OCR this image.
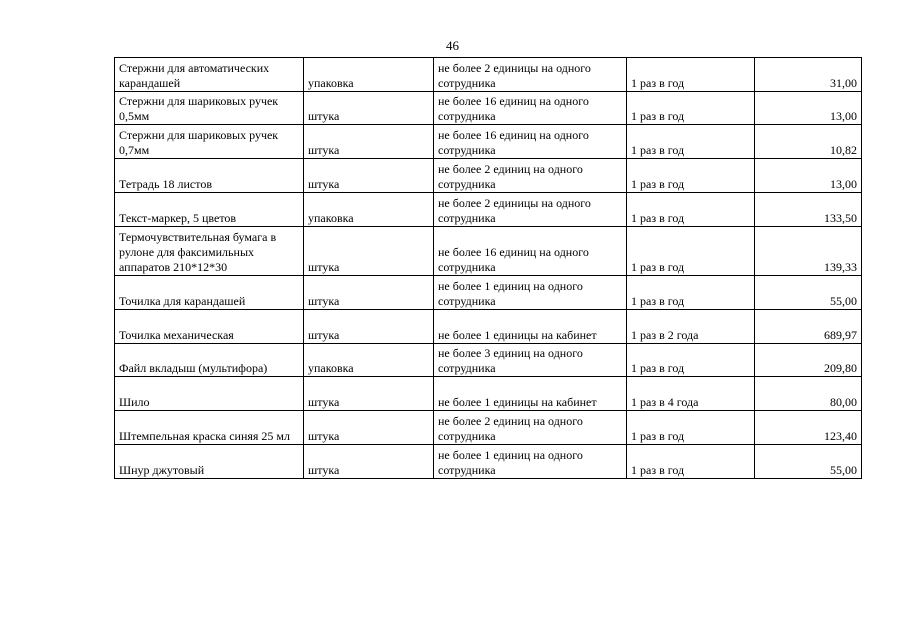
46
Стержни для автоматических карандашей	упаковка	не более 2 единицы на одного сотрудника	1 раз в год	31,00
Стержни для шариковых ручек 0,5мм	штука	не более 16 единиц на одного сотрудника	1 раз в год	13,00
Стержни для шариковых ручек 0,7мм	штука	не более 16 единиц на одного сотрудника	1 раз в год	10,82
Тетрадь 18 листов	штука	не более 2 единиц на одного сотрудника	1 раз в год	13,00
Текст-маркер, 5 цветов	упаковка	не более 2 единицы на одного сотрудника	1 раз в год	133,50
Термочувствительная бумага в рулоне для факсимильных аппаратов 210*12*30	штука	не более 16 единиц на одного сотрудника	1 раз в год	139,33
Точилка для карандашей	штука	не более 1 единиц на одного сотрудника	1 раз в год	55,00
Точилка механическая	штука	не более 1 единицы на кабинет	1 раз в 2 года	689,97
Файл вкладыш (мультифора)	упаковка	не более 3 единиц на одного сотрудника	1 раз в год	209,80
Шило	штука	не более 1 единицы на кабинет	1 раз в 4 года	80,00
Штемпельная краска синяя 25 мл	штука	не более 2 единиц на одного сотрудника	1 раз в год	123,40
Шнур джутовый	штука	не более 1 единиц на одного сотрудника	1 раз в год	55,00
